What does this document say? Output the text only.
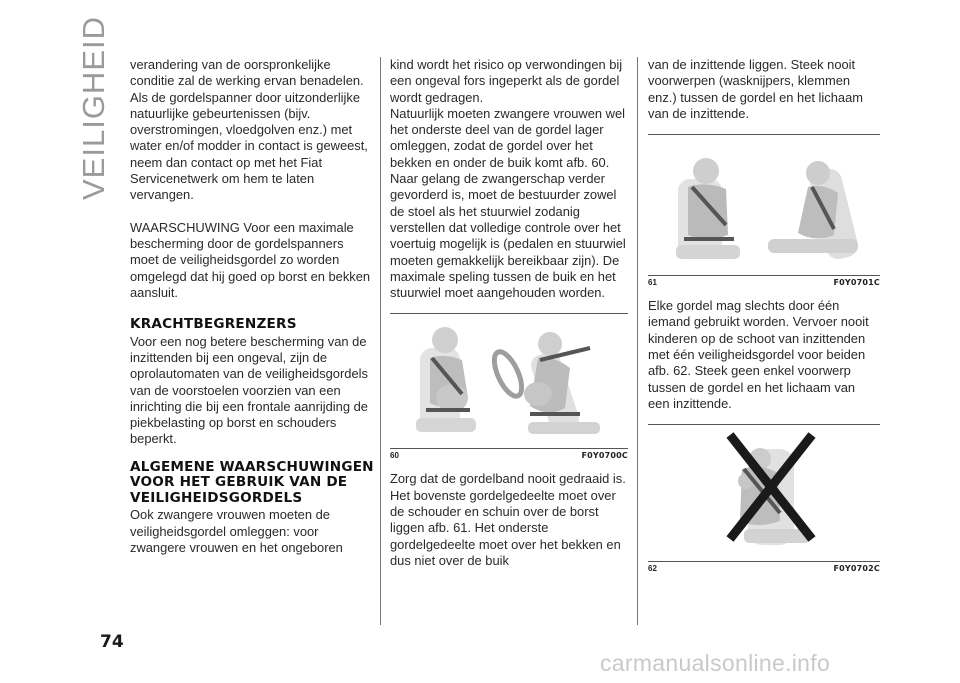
VEILIGHEID
74

verandering van de oorspronkelijke conditie zal de werking ervan benadelen.

Als de gordelspanner door uitzonderlijke natuurlijke gebeurtenissen (bijv. overstromingen, vloedgolven enz.) met water en/of modder in contact is geweest, neem dan contact op met het Fiat Servicenetwerk om hem te laten vervangen.

WAARSCHUWING Voor een maximale bescherming door de gordelspanners moet de veiligheidsgordel zo worden omgelegd dat hij goed op borst en bekken aansluit.

KRACHTBEGRENZERS

Voor een nog betere bescherming van de inzittenden bij een ongeval, zijn de oprolautomaten van de veiligheidsgordels van de voorstoelen voorzien van een inrichting die bij een frontale aanrijding de piekbelasting op borst en schouders beperkt.

ALGEMENE WAARSCHUWINGEN VOOR HET GEBRUIK VAN DE VEILIGHEIDSGORDELS

Ook zwangere vrouwen moeten de veiligheidsgordel omleggen: voor zwangere vrouwen en het ongeboren

kind wordt het risico op verwondingen bij een ongeval fors ingeperkt als de gordel wordt gedragen.

Natuurlijk moeten zwangere vrouwen wel het onderste deel van de gordel lager omleggen, zodat de gordel over het bekken en onder de buik komt afb. 60.

Naar gelang de zwangerschap verder gevorderd is, moet de bestuurder zowel de stoel als het stuurwiel zodanig verstellen dat volledige controle over het voertuig mogelijk is (pedalen en stuurwiel moeten gemakkelijk bereikbaar zijn). De maximale speling tussen de buik en het stuurwiel moet aangehouden worden.

60	F0Y0700C

Zorg dat de gordelband nooit gedraaid is. Het bovenste gordelgedeelte moet over de schouder en schuin over de borst liggen afb. 61. Het onderste gordelgedeelte moet over het bekken en dus niet over de buik

van de inzittende liggen. Steek nooit voorwerpen (wasknijpers, klemmen enz.) tussen de gordel en het lichaam van de inzittende.

61	F0Y0701C

Elke gordel mag slechts door één iemand gebruikt worden. Vervoer nooit kinderen op de schoot van inzittenden met één veiligheidsgordel voor beiden afb. 62. Steek geen enkel voorwerp tussen de gordel en het lichaam van een inzittende.

62	F0Y0702C
carmanualsonline.info
